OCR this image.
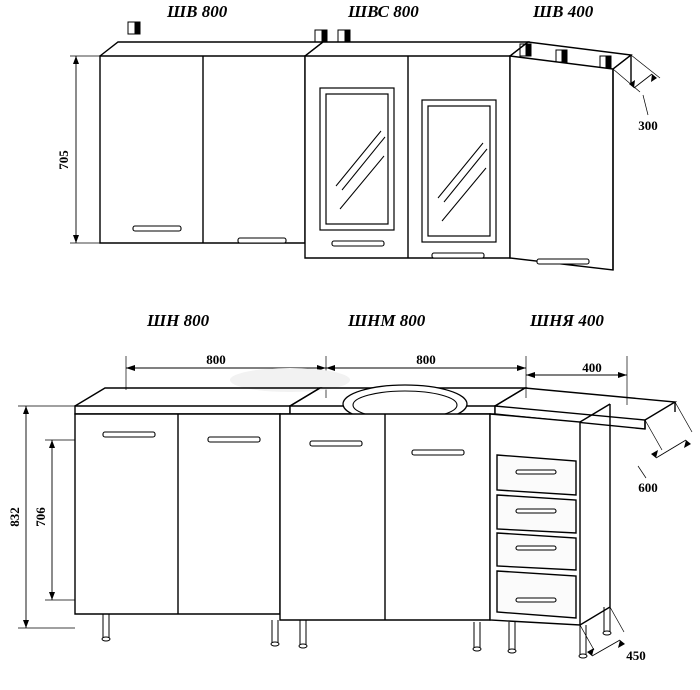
ШВ 800	ШВС 800	ШВ 400
705
300
ШН 800	ШНМ 800	ШНЯ 400
800	800
400
832 706
600
450
